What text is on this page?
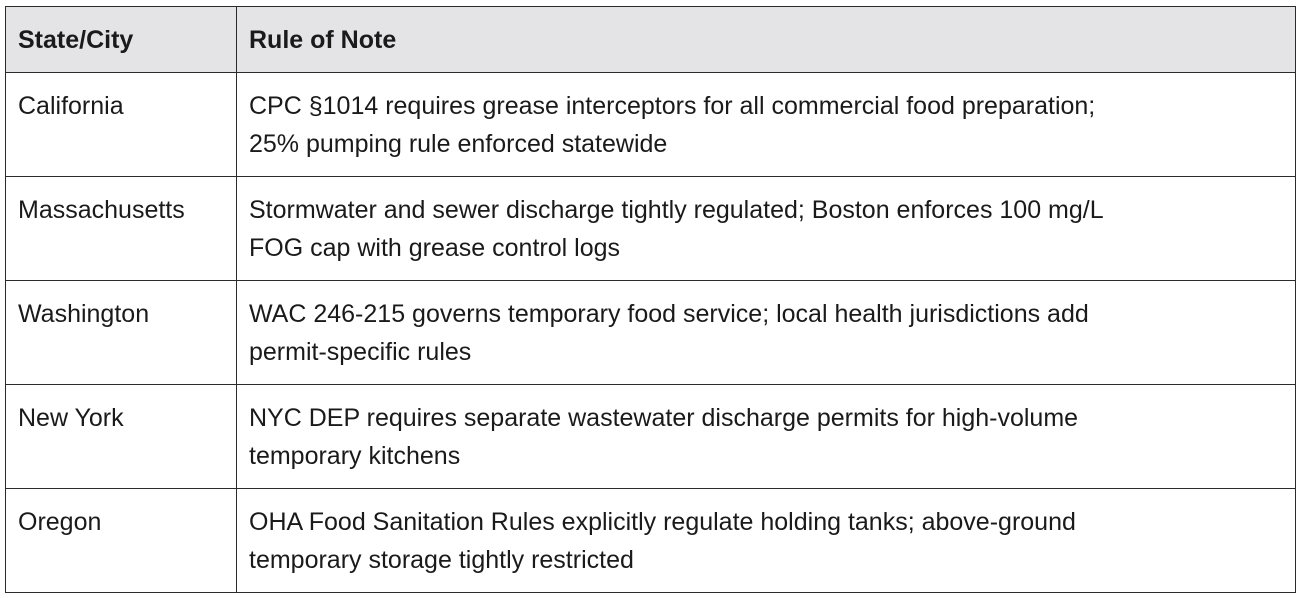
State/City	Rule of Note
California	CPC §1014 requires grease interceptors for all commercial food preparation;
25% pumping rule enforced statewide

Massachusetts	Stormwater and sewer discharge tightly regulated; Boston enforces 100 mg/L
FOG cap with grease control logs

Washington	WAC 246-215 governs temporary food service; local health jurisdictions add
permit-specific rules

New York	NYC DEP requires separate wastewater discharge permits for high-volume
temporary kitchens

Oregon	OHA Food Sanitation Rules explicitly regulate holding tanks; above-ground
temporary storage tightly restricted
